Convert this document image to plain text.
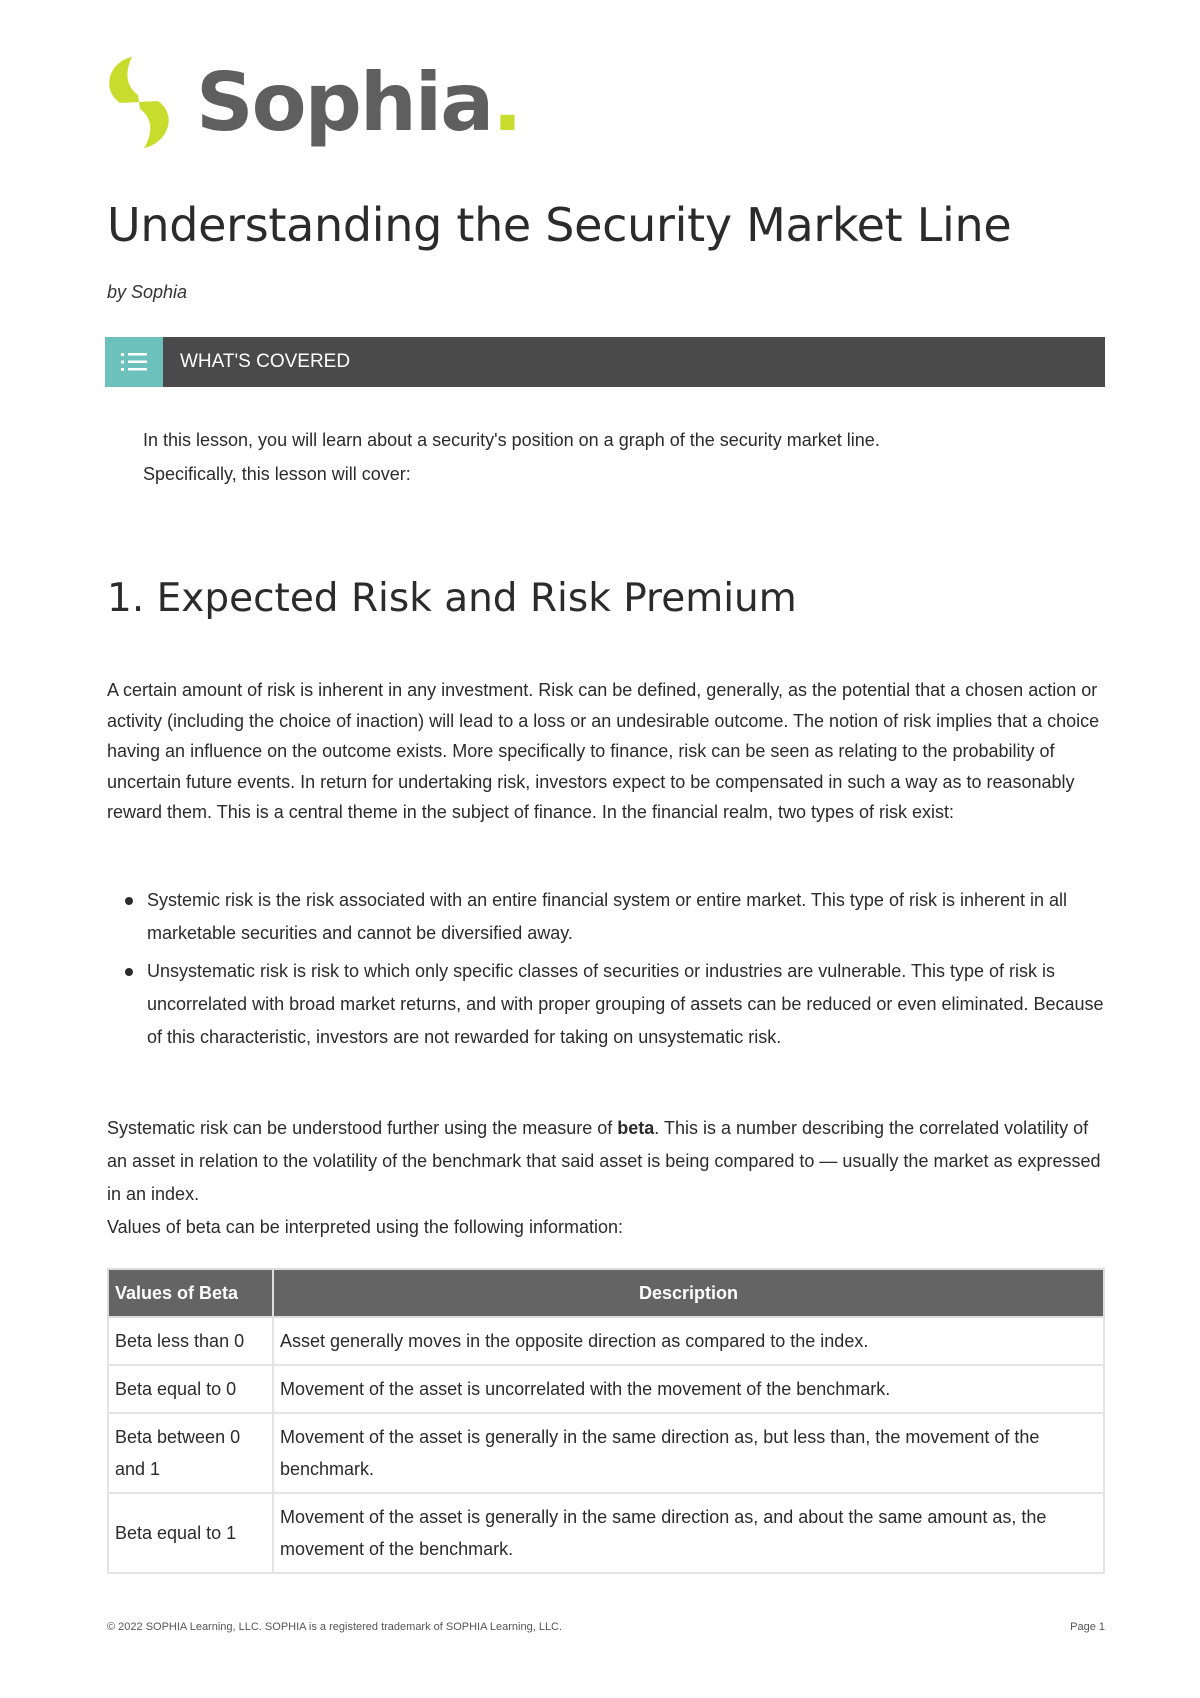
Sophia.
Understanding the Security Market Line
by Sophia
WHAT'S COVERED

In this lesson, you will learn about a security's position on a graph of the security market line.

Specifically, this lesson will cover:

1. Expected Risk and Risk Premium

A certain amount of risk is inherent in any investment. Risk can be defined, generally, as the potential that a chosen action or activity (including the choice of inaction) will lead to a loss or an undesirable outcome. The notion of risk implies that a choice having an influence on the outcome exists. More specifically to finance, risk can be seen as relating to the probability of uncertain future events. In return for undertaking risk, investors expect to be compensated in such a way as to reasonably reward them. This is a central theme in the subject of finance. In the financial realm, two types of risk exist:

Systemic risk is the risk associated with an entire financial system or entire market. This type of risk is inherent in all marketable securities and cannot be diversified away.
Unsystematic risk is risk to which only specific classes of securities or industries are vulnerable. This type of risk is uncorrelated with broad market returns, and with proper grouping of assets can be reduced or even eliminated. Because of this characteristic, investors are not rewarded for taking on unsystematic risk.

Systematic risk can be understood further using the measure of beta. This is a number describing the correlated volatility of an asset in relation to the volatility of the benchmark that said asset is being compared to — usually the market as expressed in an index.
Values of beta can be interpreted using the following information:

Values of Beta	Description
Beta less than 0	Asset generally moves in the opposite direction as compared to the index.
Beta equal to 0	Movement of the asset is uncorrelated with the movement of the benchmark.
Beta between 0 and 1	Movement of the asset is generally in the same direction as, but less than, the movement of the benchmark.
Beta equal to 1	Movement of the asset is generally in the same direction as, and about the same amount as, the movement of the benchmark.
© 2022 SOPHIA Learning, LLC. SOPHIA is a registered trademark of SOPHIA Learning, LLC.	Page 1
